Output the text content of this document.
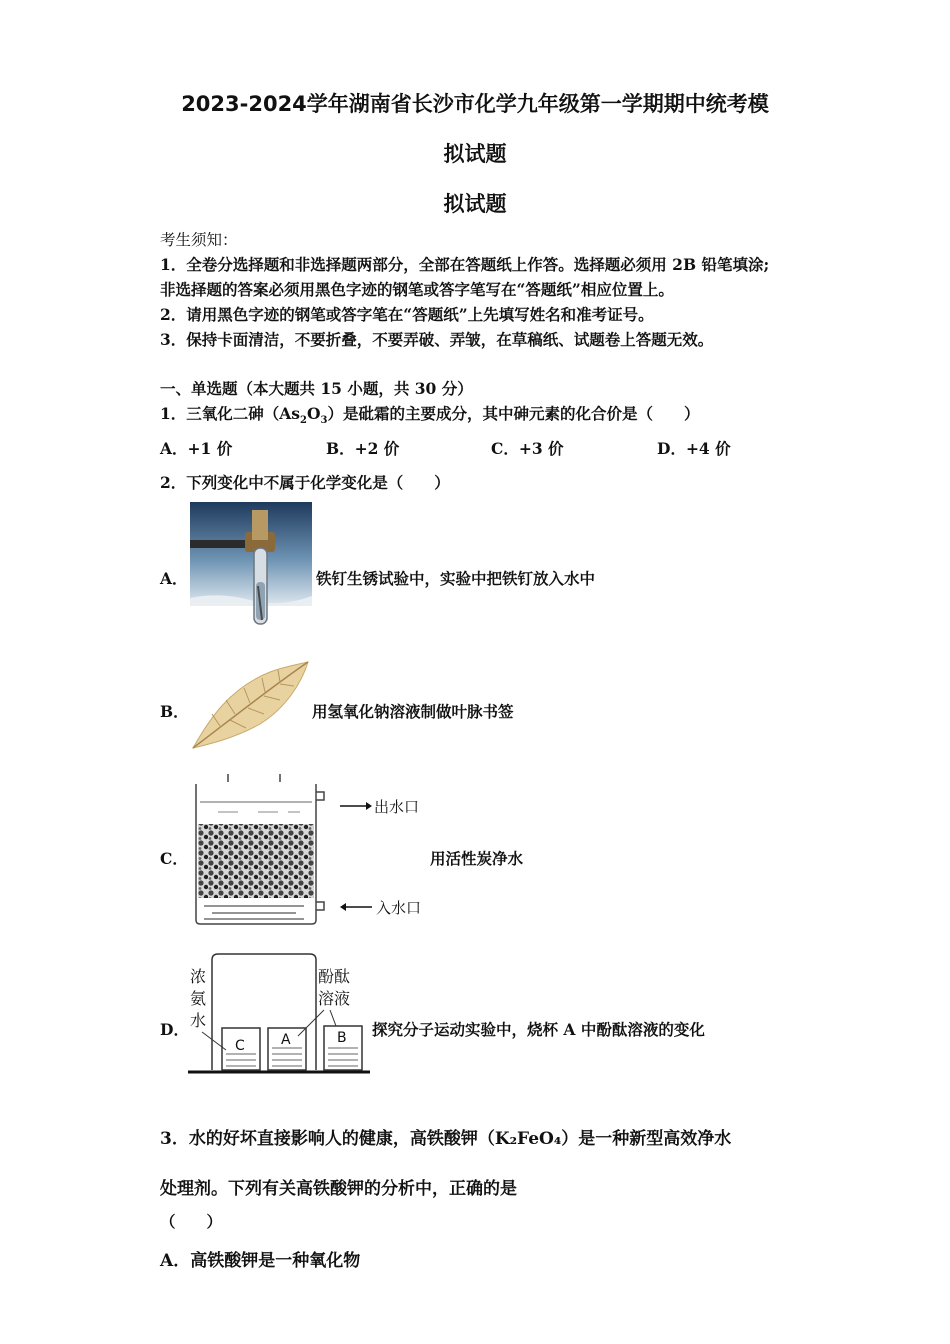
2023-2024学年湖南省长沙市化学九年级第一学期期中统考模
拟试题
拟试题
考生须知：
1．全卷分选择题和非选择题两部分，全部在答题纸上作答。选择题必须用 2B 铅笔填涂;
非选择题的答案必须用黑色字迹的钢笔或答字笔写在“答题纸”相应位置上。
2．请用黑色字迹的钢笔或答字笔在“答题纸”上先填写姓名和准考证号。
3．保持卡面清洁，不要折叠，不要弄破、弄皱，在草稿纸、试题卷上答题无效。
一、单选题（本大题共 15 小题，共 30 分）
1．三氧化二砷$(As_2O_3)$是砒霜的主要成分，其中砷元素的化合价是（　　）
A．+1 价	B．+2 价	C．+3 价	D．+4 价
2．下列变化中不属于化学变化是（　　）
A．	铁钉生锈试验中，实验中把铁钉放入水中
B．	用氢氧化钠溶液制做叶脉书签
C．
出水口
入水口
用活性炭净水
D．
浓
氨
水
酚酞
溶液
C	A	B 探究分子运动实验中，烧杯 A 中酚酞溶液的变化
3．水的好坏直接影响人的健康，高铁酸钾（K₂FeO₄）是一种新型高效净水
处理剂。下列有关高铁酸钾的分析中，正确的是
（　　）
A．高铁酸钾是一种氧化物
